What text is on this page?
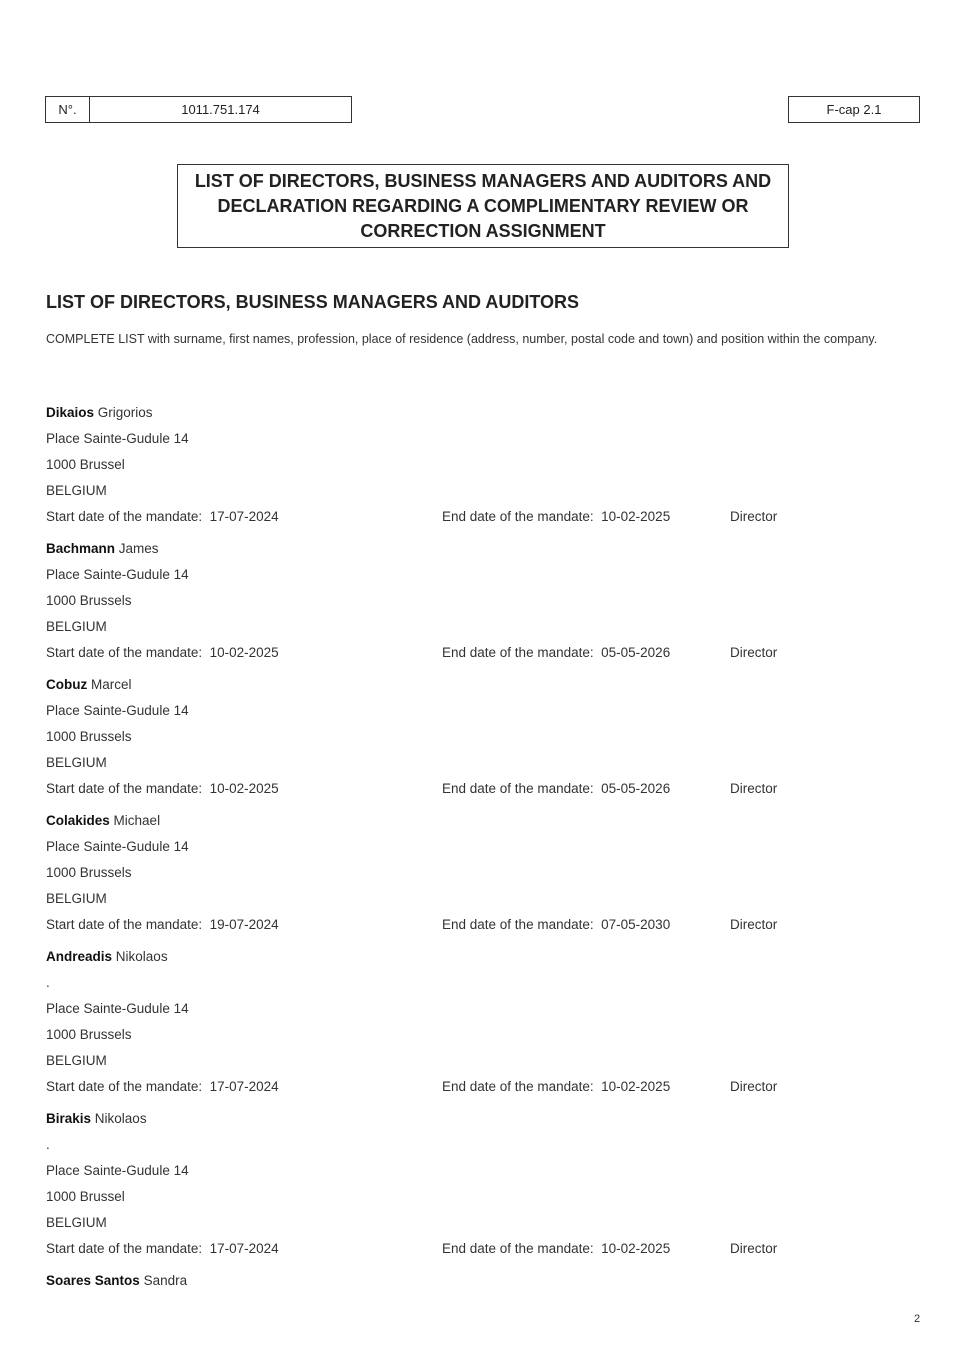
N°.	1011.751.174	F-cap 2.1
LIST OF DIRECTORS, BUSINESS MANAGERS AND AUDITORS AND DECLARATION REGARDING A COMPLIMENTARY REVIEW OR CORRECTION ASSIGNMENT
LIST OF DIRECTORS, BUSINESS MANAGERS AND AUDITORS
COMPLETE LIST with surname, first names, profession, place of residence (address, number, postal code and town) and position within the company.
Dikaios Grigorios
Place Sainte-Gudule 14
1000 Brussel
BELGIUM
Start date of the mandate: 17-07-2024	End date of the mandate: 10-02-2025	Director
Bachmann James
Place Sainte-Gudule 14
1000 Brussels
BELGIUM
Start date of the mandate: 10-02-2025	End date of the mandate: 05-05-2026	Director
Cobuz Marcel
Place Sainte-Gudule 14
1000 Brussels
BELGIUM
Start date of the mandate: 10-02-2025	End date of the mandate: 05-05-2026	Director
Colakides Michael
Place Sainte-Gudule 14
1000 Brussels
BELGIUM
Start date of the mandate: 19-07-2024	End date of the mandate: 07-05-2030	Director
Andreadis Nikolaos
.
Place Sainte-Gudule 14
1000 Brussels
BELGIUM
Start date of the mandate: 17-07-2024	End date of the mandate: 10-02-2025	Director
Birakis Nikolaos
.
Place Sainte-Gudule 14
1000 Brussel
BELGIUM
Start date of the mandate: 17-07-2024	End date of the mandate: 10-02-2025	Director
Soares Santos Sandra
2
